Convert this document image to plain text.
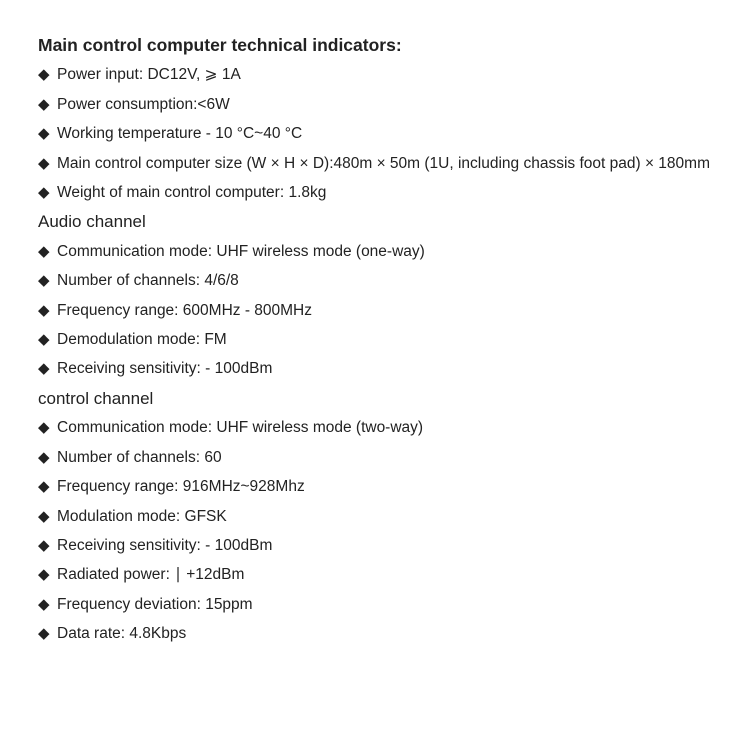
Main control computer technical indicators:
◆ Power input: DC12V, ⩾ 1A
◆ Power consumption:<6W
◆ Working temperature - 10 °C~40 °C
◆ Main control computer size (W × H × D):480m × 50m (1U, including chassis foot pad) × 180mm
◆ Weight of main control computer: 1.8kg
Audio channel
◆ Communication mode: UHF wireless mode (one-way)
◆ Number of channels: 4/6/8
◆ Frequency range: 600MHz - 800MHz
◆ Demodulation mode: FM
◆ Receiving sensitivity: - 100dBm
control channel
◆ Communication mode: UHF wireless mode (two-way)
◆ Number of channels: 60
◆ Frequency range: 916MHz~928Mhz
◆ Modulation mode: GFSK
◆ Receiving sensitivity: - 100dBm
◆ Radiated power: ∣ +12dBm
◆ Frequency deviation: 15ppm
◆ Data rate: 4.8Kbps
